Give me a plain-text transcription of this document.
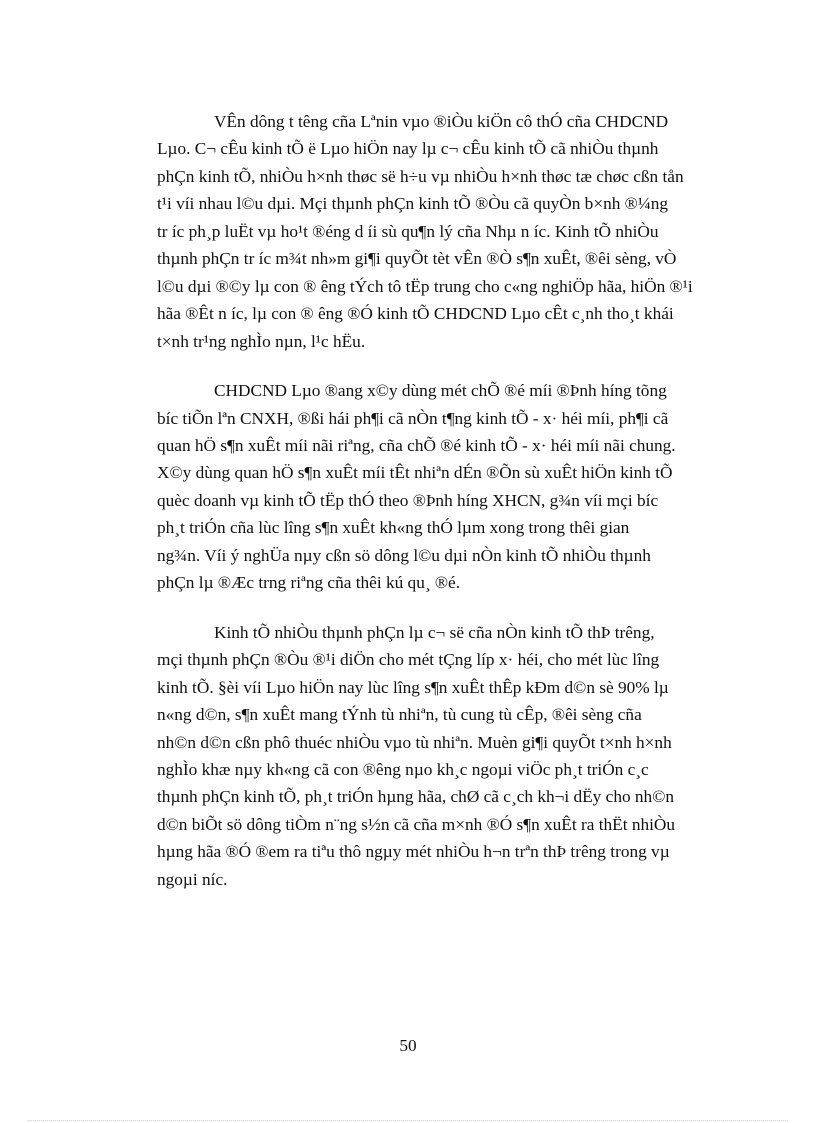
VÊn dông t têng cña Lªnin vµo ®iÒu kiÖn cô thÓ cña CHDCND

Lµo. C¬ cÊu kinh tÕ ë Lµo hiÖn nay lµ c¬ cÊu kinh tÕ cã nhiÒu thµnh

phÇn kinh tÕ, nhiÒu h×nh thøc së h÷u vµ nhiÒu h×nh thøc tæ chøc cßn tån

t¹i víi nhau l©u dµi. Mçi thµnh phÇn kinh tÕ ®Òu cã quyÒn b×nh ®¼ng

tr íc ph¸p luËt vµ ho¹t ®éng d íi sù qu¶n lý cña Nhµ n íc. Kinh tÕ nhiÒu

thµnh phÇn tr íc m¾t nh»m gi¶i quyÕt tèt vÊn ®Ò s¶n xuÊt, ®êi sèng, vÒ

l©u dµi ®©y lµ con ® êng tÝch tô tËp trung cho c«ng nghiÖp hãa, hiÖn ®¹i

hãa ®Êt n íc, lµ con ® êng ®Ó kinh tÕ CHDCND Lµo cÊt c¸nh tho¸t khái

t×nh tr¹ng nghÌo nµn, l¹c hËu.

CHDCND Lµo ®ang x©y dùng mét chÕ ®é míi ®Þnh híng tõng

bíc tiÕn lªn CNXH, ®ßi hái ph¶i cã nÒn t¶ng kinh tÕ - x· héi míi, ph¶i cã

quan hÖ s¶n xuÊt míi nãi riªng, cña chÕ ®é kinh tÕ - x· héi míi nãi chung.

X©y dùng quan hÖ s¶n xuÊt míi tÊt nhiªn dÉn ®Õn sù xuÊt hiÖn kinh tÕ

quèc doanh vµ kinh tÕ tËp thÓ theo ®Þnh híng XHCN, g¾n víi mçi bíc

ph¸t triÓn cña lùc lîng s¶n xuÊt kh«ng thÓ lµm xong trong thêi gian

ng¾n. Víi ý nghÜa nµy cßn sö dông l©u dµi nÒn kinh tÕ nhiÒu thµnh

phÇn lµ ®Æc trng riªng cña thêi kú qu¸ ®é.

Kinh tÕ nhiÒu thµnh phÇn lµ c¬ së cña nÒn kinh tÕ thÞ trêng,

mçi thµnh phÇn ®Òu ®¹i diÖn cho mét tÇng líp x· héi, cho mét lùc lîng

kinh tÕ. §èi víi Lµo hiÖn nay lùc lîng s¶n xuÊt thÊp kÐm d©n sè 90% lµ

n«ng d©n, s¶n xuÊt mang tÝnh tù nhiªn, tù cung tù cÊp, ®êi sèng cña

nh©n d©n cßn phô thuéc nhiÒu vµo tù nhiªn. Muèn gi¶i quyÕt t×nh h×nh

nghÌo khæ nµy kh«ng cã con ®êng nµo kh¸c ngoµi viÖc ph¸t triÓn c¸c

thµnh phÇn kinh tÕ, ph¸t triÓn hµng hãa, chØ cã c¸ch kh¬i dËy cho nh©n

d©n biÕt sö dông tiÒm n¨ng s½n cã cña m×nh ®Ó s¶n xuÊt ra thËt nhiÒu

hµng hãa ®Ó ®em ra tiªu thô ngµy mét nhiÒu h¬n trªn thÞ trêng trong vµ

ngoµi níc.

50
